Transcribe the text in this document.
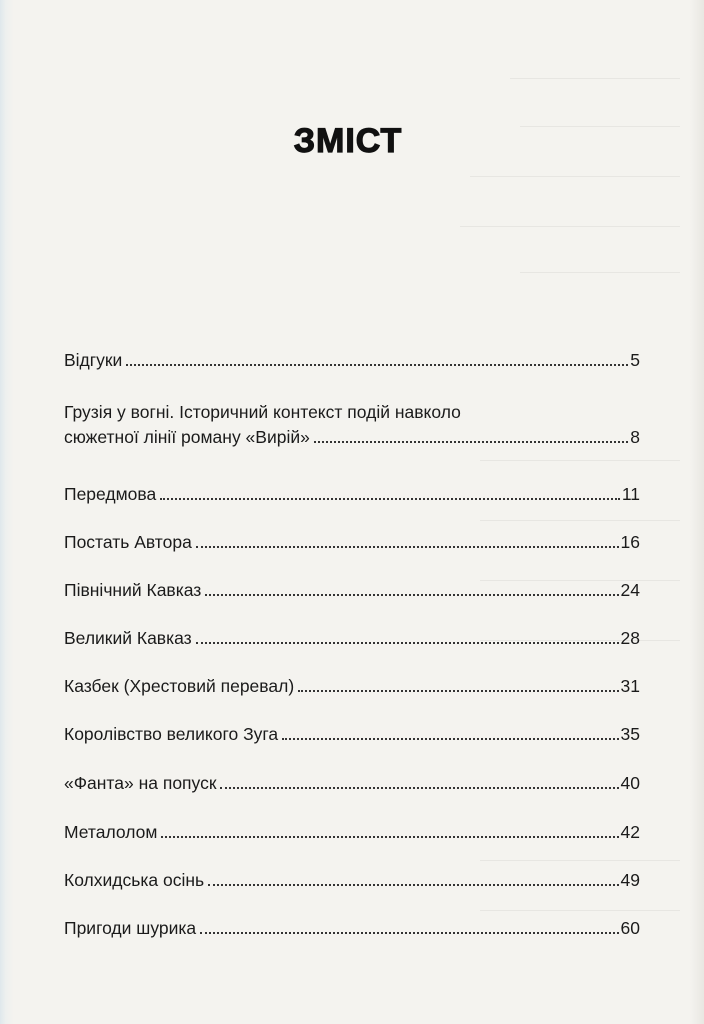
ЗМІСТ
Відгуки	5
Грузія у вогні. Історичний контекст подій навколо
сюжетної лінії роману «Вирій»	8
Передмова	11
Постать Автора	16
Північний Кавказ	24
Великий Кавказ	28
Казбек (Хрестовий перевал)	31
Королівство великого Зуга	35
«Фанта» на попуск	40
Металолом	42
Колхидська осінь	49
Пригоди шурика	60
